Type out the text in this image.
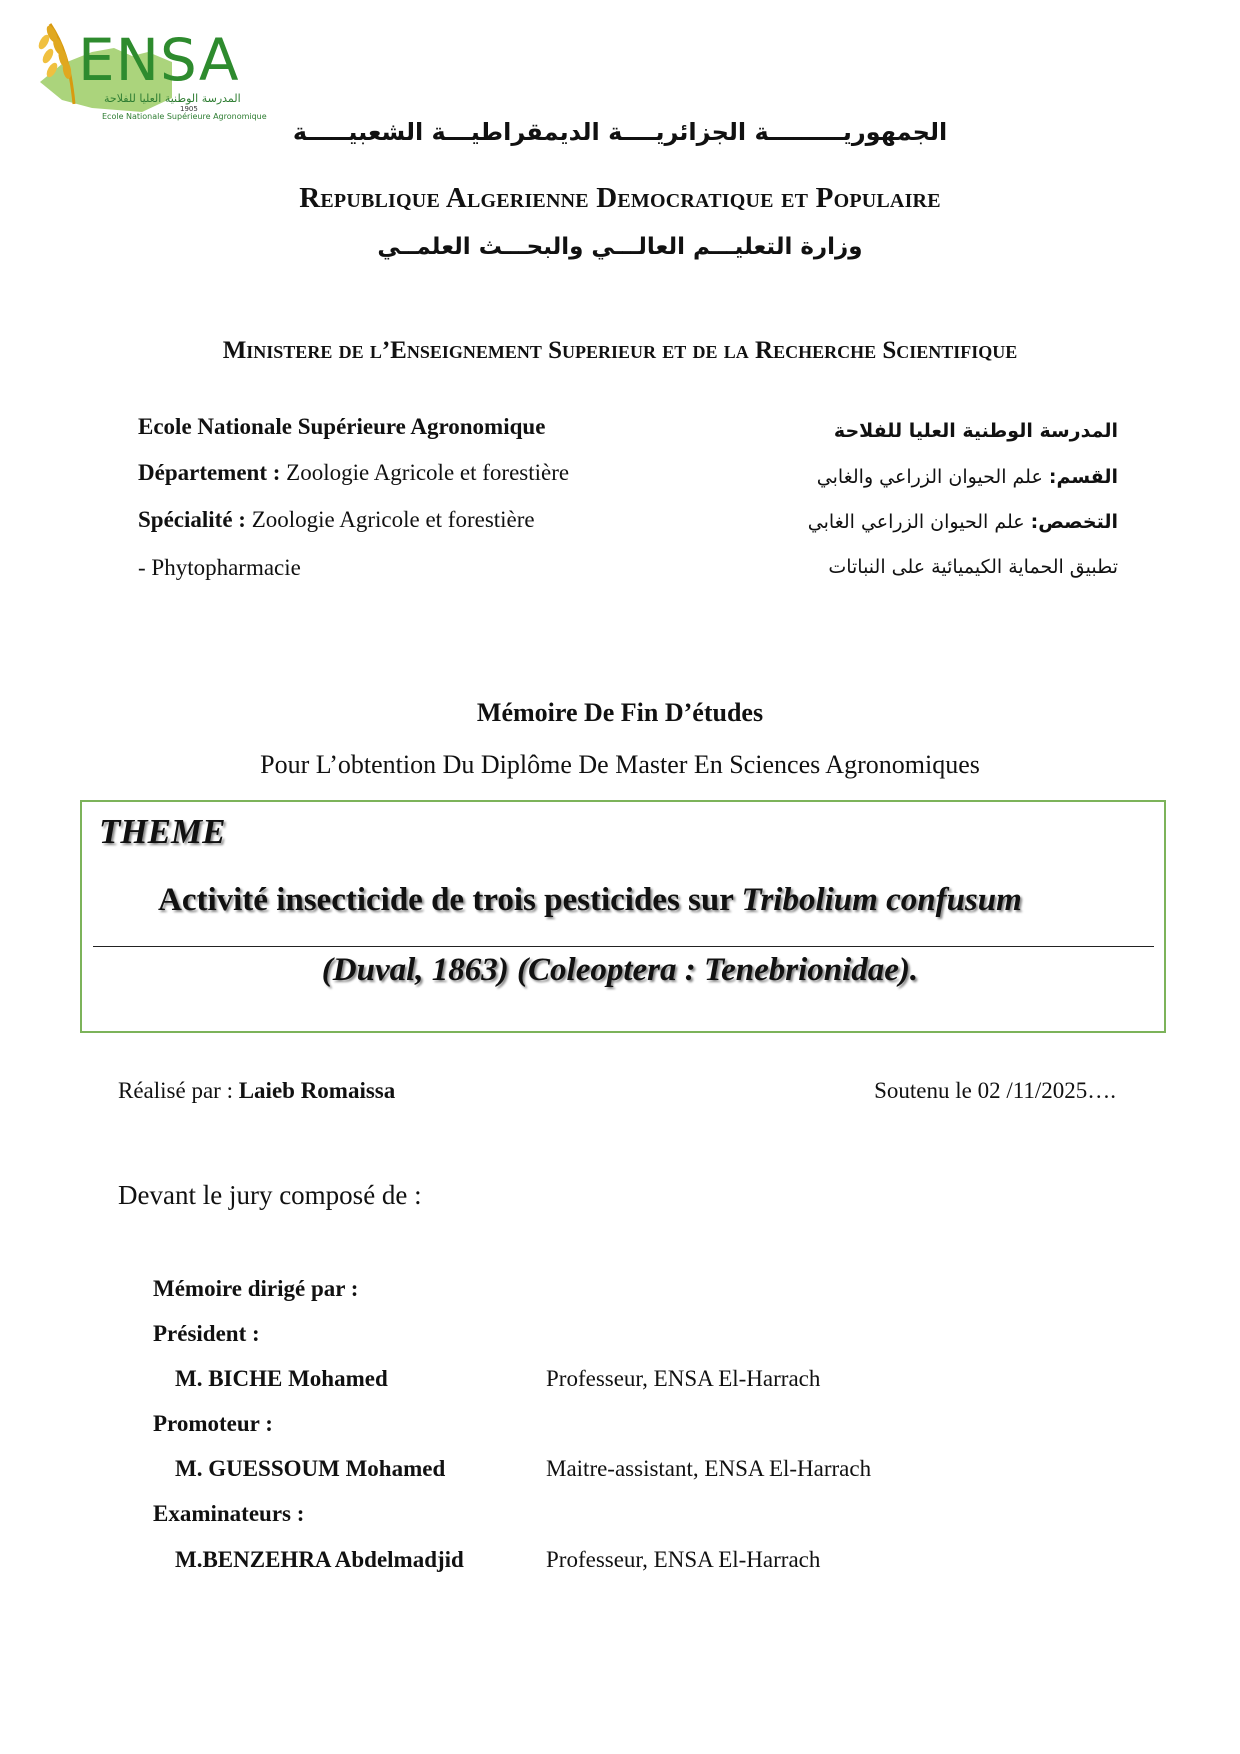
ENSA
المدرسة الوطنية العليا للفلاحة
1905
Ecole Nationale Supérieure Agronomique
الجمهوريـــــــــة الجزائريــــة الديمقراطيـــة الشعبيـــــة
Republique Algerienne Democratique et Populaire
وزارة التعليـــم العالـــي والبحـــث العلمــي
Ministere de l’Enseignement Superieur et de la Recherche Scientifique
Ecole Nationale Supérieure Agronomique
Département : Zoologie Agricole et forestière
Spécialité : Zoologie Agricole et forestière
- Phytopharmacie
المدرسة الوطنية العليا للفلاحة
القسم: علم الحيوان الزراعي والغابي
التخصص: علم الحيوان الزراعي الغابي
تطبيق الحماية الكيميائية على النباتات
Mémoire De Fin D’études
Pour L’obtention Du Diplôme De Master En Sciences Agronomiques
THEME
Activité insecticide de trois pesticides sur Tribolium confusum
(Duval, 1863) (Coleoptera : Tenebrionidae).
Réalisé par : Laieb Romaissa	Soutenu le 02 /11/2025….
Devant le jury composé de :
Mémoire dirigé par :
Président :
M. BICHE Mohamed	Professeur, ENSA El-Harrach
Promoteur :
M. GUESSOUM Mohamed	Maitre-assistant, ENSA El-Harrach
Examinateurs :
M.BENZEHRA Abdelmadjid	Professeur, ENSA El-Harrach
